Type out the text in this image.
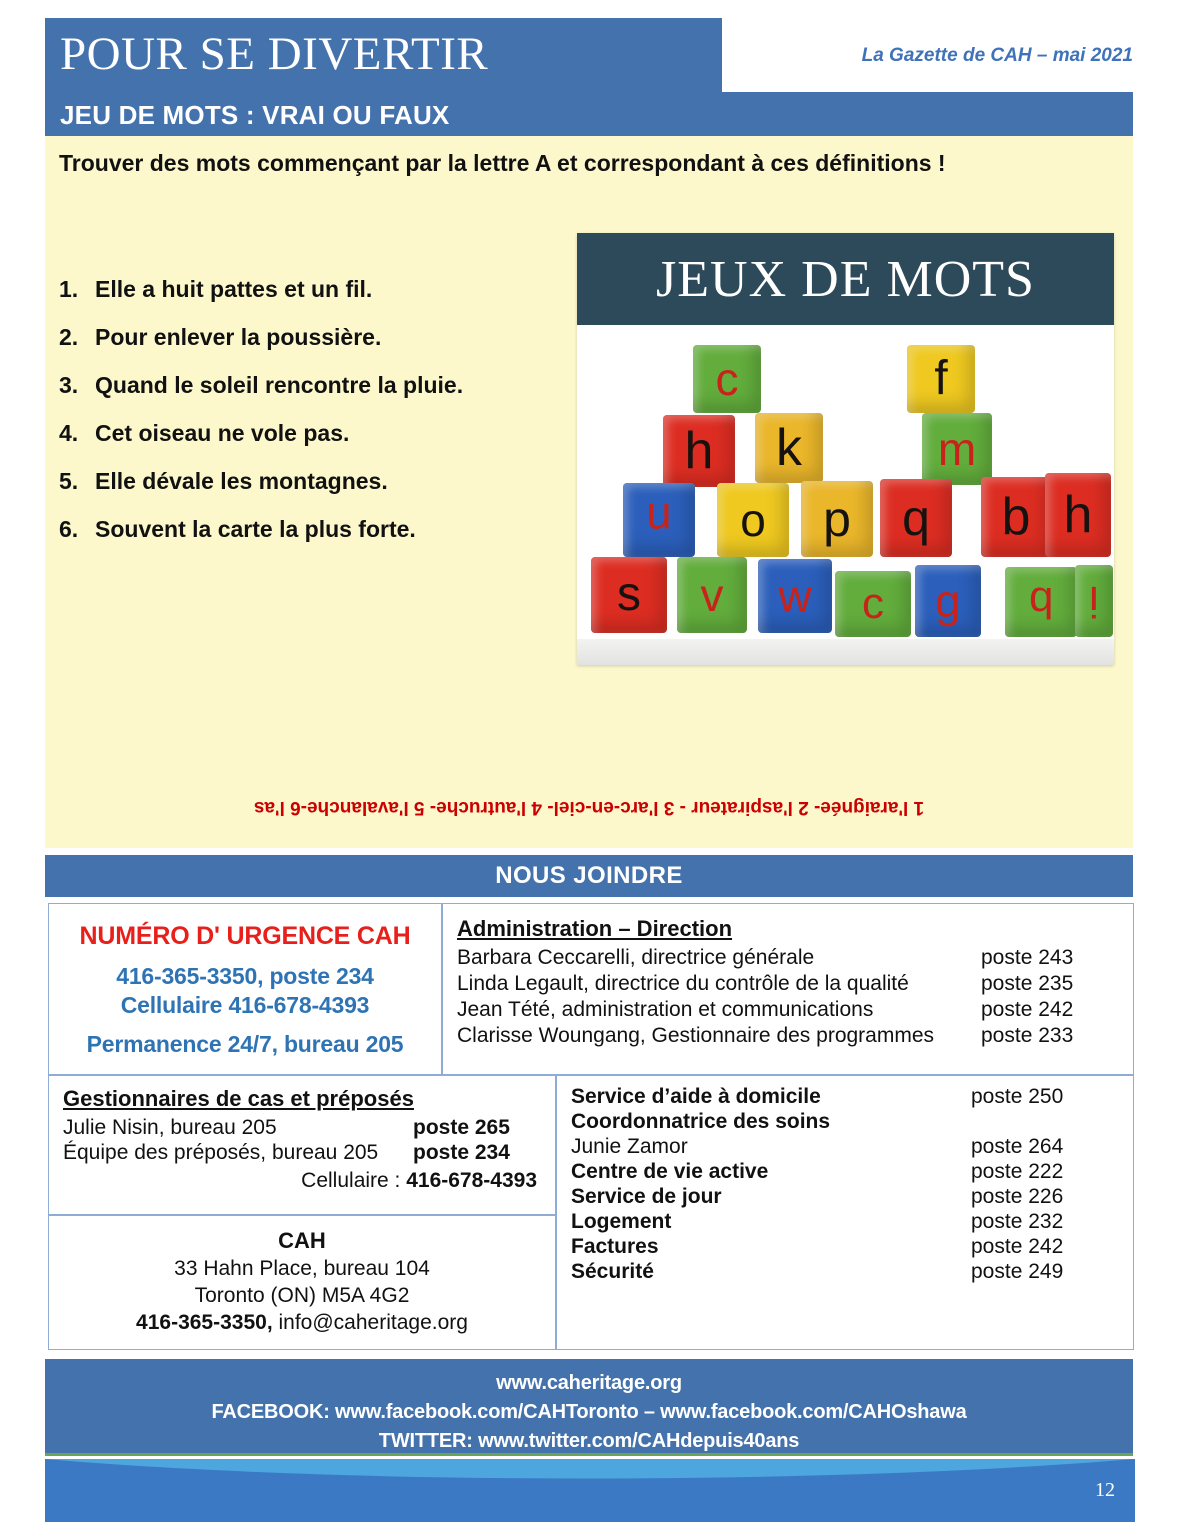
POUR SE DIVERTIR	La Gazette de CAH – mai 2021
JEU DE MOTS : VRAI OU FAUX
Trouver des mots commençant par la lettre A et correspondant à ces définitions !
1. Elle a huit pattes et un fil.
2. Pour enlever la poussière.
3. Quand le soleil rencontre la pluie.
4. Cet oiseau ne vole pas.
5. Elle dévale les montagnes.
6. Souvent la carte la plus forte.
1 l'araignée- 2 l'aspirateur - 3 l'arc-en-ciel- 4 l'autruche- 5 l'avalanche-6 l'as
JEUX DE MOTS
c	f
h k	m
n o p q b h
s v w c g b i
NOUS JOINDRE
NUMÉRO D' URGENCE CAH
416-365-3350, poste 234
Cellulaire 416-678-4393
Permanence 24/7, bureau 205
Administration – Direction
Barbara Ceccarelli, directrice générale	poste 243
Linda Legault, directrice du contrôle de la qualité	poste 235
Jean Tété, administration et communications	poste 242
Clarisse Woungang, Gestionnaire des programmes	poste 233
Gestionnaires de cas et préposés
Julie Nisin, bureau 205	poste 265
Équipe des préposés, bureau 205	poste 234
Cellulaire : 416-678-4393
CAH
33 Hahn Place, bureau 104
Toronto (ON) M5A 4G2
416-365-3350, info@caheritage.org
Service d’aide à domicile	poste 250
Coordonnatrice des soins
Junie Zamor	poste 264
Centre de vie active	poste 222
Service de jour	poste 226
Logement	poste 232
Factures	poste 242
Sécurité	poste 249
www.caheritage.org
FACEBOOK: www.facebook.com/CAHToronto – www.facebook.com/CAHOshawa
TWITTER: www.twitter.com/CAHdepuis40ans
12
